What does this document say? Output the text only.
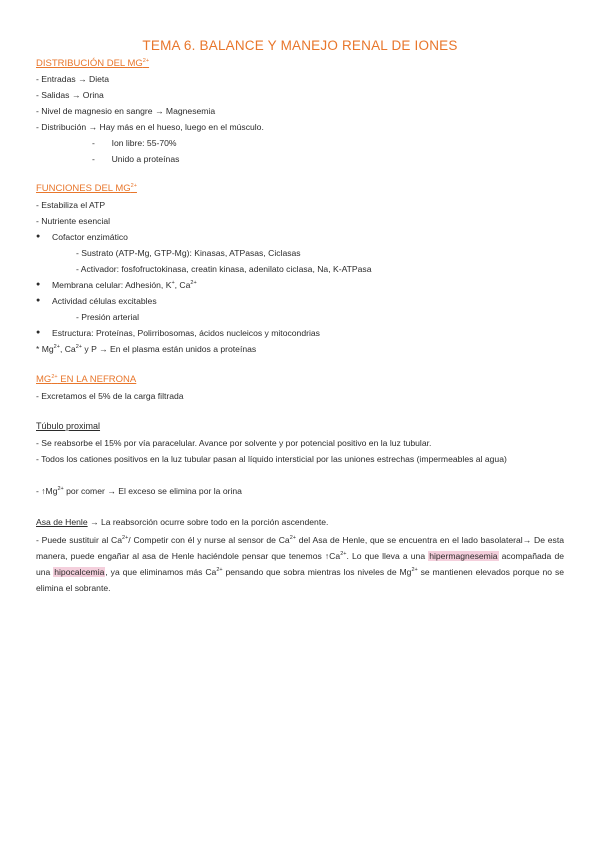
TEMA 6. BALANCE Y MANEJO RENAL DE IONES
DISTRIBUCIÓN DEL $MG^{2+}$

- Entradas → Dieta

- Salidas → Orina

- Nivel de magnesio en sangre → Magnesemia

- Distribución → Hay más en el hueso, luego en el músculo.

-       Ion libre: 55-70%

-       Unido a proteínas

FUNCIONES DEL $MG^{2+}$

- Estabiliza el ATP

- Nutriente esencial

● Cofactor enzimático

- Sustrato (ATP-Mg, GTP-Mg): Kinasas, ATPasas, Ciclasas

- Activador: fosfofructokinasa, creatin kinasa, adenilato ciclasa, Na, K-ATPasa

● Membrana celular: Adhesión, K+, $Ca^{2+}$

● Actividad células excitables

- Presión arterial

● Estructura: Proteínas, Polirribosomas, ácidos nucleicos y mitocondrias

* $Mg^{2+}$, $Ca^{2+}$ y P → En el plasma están unidos a proteínas

$MG^{2+}$ EN LA NEFRONA

- Excretamos el 5% de la carga filtrada

Túbulo proximal

- Se reabsorbe el 15% por vía paracelular. Avance por solvente y por potencial positivo en la luz tubular.

- Todos los cationes positivos en la luz tubular pasan al líquido intersticial por las uniones estrechas (impermeables al agua)

- $↑Mg^{2+}$ por comer → El exceso se elimina por la orina

Asa de Henle → La reabsorción ocurre sobre todo en la porción ascendente.

- Puede sustituir al $Ca^{2+}/$ Competir con él y nurse al sensor de $Ca^{2+}$ del Asa de Henle, que se encuentra en el lado basolateral→ De esta manera, puede engañar al asa de Henle haciéndole pensar que tenemos $↑Ca^{2+}$. Lo que lleva a una hipermagnesemia acompañada de una hipocalcemia, ya que eliminamos más $Ca^{2+}$ pensando que sobra mientras los niveles de $Mg^{2+}$ se mantienen elevados porque no se elimina el sobrante.
